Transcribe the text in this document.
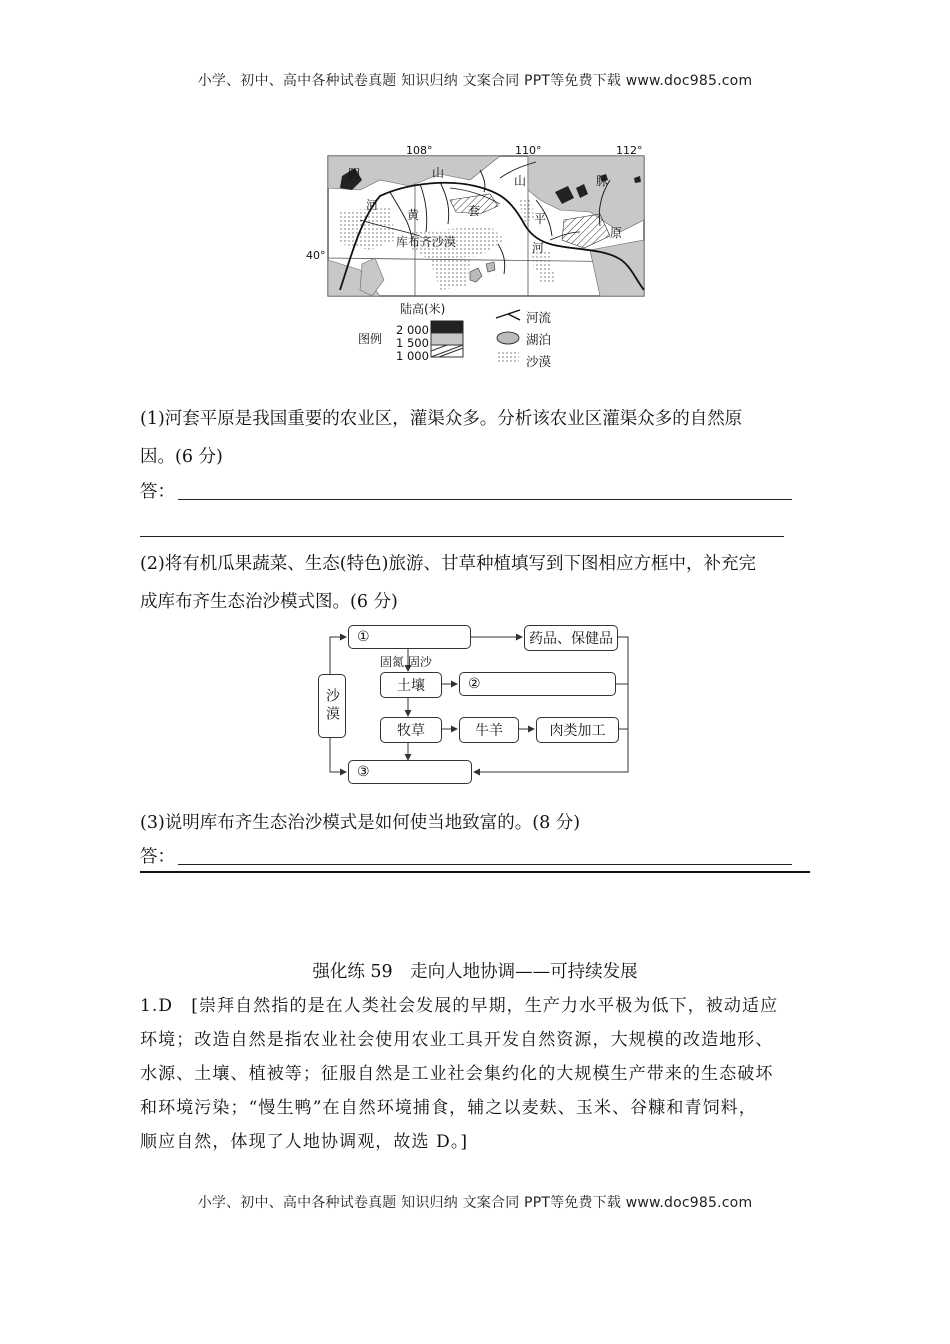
小学、初中、高中各种试卷真题 知识归纳 文案合同 PPT等免费下载 www.doc985.com
108°	110°	112°
40°
阴	山
山	脉
河
黄	套
库布齐沙漠
平
河
原
陆高(米)
图例
2 000
1 500
1 000
河流
湖泊
沙漠
(1)河套平原是我国重要的农业区，灌渠众多。分析该农业区灌渠众多的自然原
因。(6 分)
答：
(2)将有机瓜果蔬菜、生态(特色)旅游、甘草种植填写到下图相应方框中，补充完
成库布齐生态治沙模式图。(6 分)
沙漠
①	药品、保健品
固氮 固沙
土壤	②
牧草	牛羊	肉类加工
③
(3)说明库布齐生态治沙模式是如何使当地致富的。(8 分)
答：
强化练 59　走向人地协调——可持续发展
1.D　[崇拜自然指的是在人类社会发展的早期，生产力水平极为低下，被动适应
环境；改造自然是指农业社会使用农业工具开发自然资源，大规模的改造地形、
水源、土壤、植被等；征服自然是工业社会集约化的大规模生产带来的生态破坏
和环境污染；“慢生鸭”在自然环境捕食，辅之以麦麸、玉米、谷糠和青饲料，
顺应自然，体现了人地协调观，故选 D。]
小学、初中、高中各种试卷真题 知识归纳 文案合同 PPT等免费下载 www.doc985.com
